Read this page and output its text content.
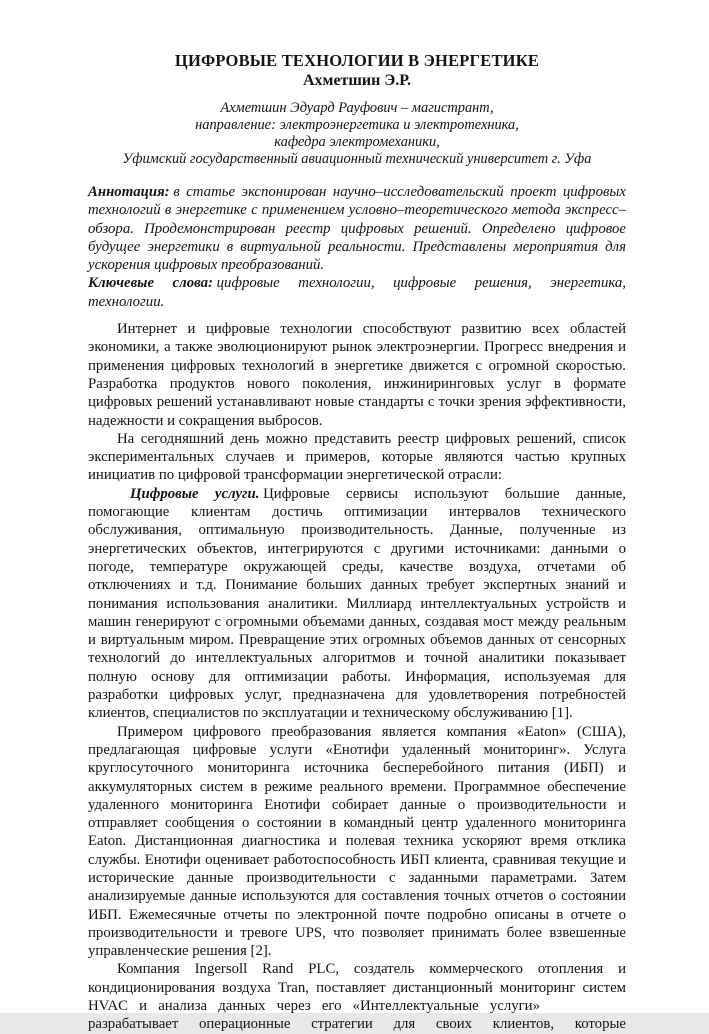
ЦИФРОВЫЕ ТЕХНОЛОГИИ В ЭНЕРГЕТИКЕ
Ахметшин Э.Р.
Ахметшин Эдуард Рауфович – магистрант,
направление: электроэнергетика и электротехника,
кафедра электромеханики,
Уфимский государственный авиационный технический университет г. Уфа

Аннотация: в статье экспонирован научно–исследовательский проект цифровых технологий в энергетике с применением условно–теоретического метода экспресс–обзора. Продемонстрирован реестр цифровых решений. Определено цифровое будущее энергетики в виртуальной реальности. Представлены мероприятия для ускорения цифровых преобразований.

Ключевые слова: цифровые технологии, цифровые решения, энергетика, технологии.

Интернет и цифровые технологии способствуют развитию всех областей экономики, а также эволюционируют рынок электроэнергии. Прогресс внедрения и применения цифровых технологий в энергетике движется с огромной скоростью. Разработка продуктов нового поколения, инжиниринговых услуг в формате цифровых решений устанавливают новые стандарты с точки зрения эффективности, надежности и сокращения выбросов.

На сегодняшний день можно представить реестр цифровых решений, список экспериментальных случаев и примеров, которые являются частью крупных инициатив по цифровой трансформации энергетической отрасли:

Цифровые услуги. Цифровые сервисы используют большие данные, помогающие клиентам достичь оптимизации интервалов технического обслуживания, оптимальную производительность. Данные, полученные из энергетических объектов, интегрируются с другими источниками: данными о погоде, температуре окружающей среды, качестве воздуха, отчетами об отключениях и т.д. Понимание больших данных требует экспертных знаний и понимания использования аналитики. Миллиард интеллектуальных устройств и машин генерируют с огромными объемами данных, создавая мост между реальным и виртуальным миром. Превращение этих огромных объемов данных от сенсорных технологий до интеллектуальных алгоритмов и точной аналитики показывает полную основу для оптимизации работы. Информация, используемая для разработки цифровых услуг, предназначена для удовлетворения потребностей клиентов, специалистов по эксплуатации и техническому обслуживанию [1].

Примером цифрового преобразования является компания «Eaton» (США), предлагающая цифровые услуги «Енотифи удаленный мониторинг». Услуга круглосуточного мониторинга источника бесперебойного питания (ИБП) и аккумуляторных систем в режиме реального времени. Программное обеспечение удаленного мониторинга Енотифи собирает данные о производительности и отправляет сообщения о состоянии в командный центр удаленного мониторинга Eaton. Дистанционная диагностика и полевая техника ускоряют время отклика службы. Енотифи оценивает работоспособность ИБП клиента, сравнивая текущие и исторические данные производительности с заданными параметрами. Затем анализируемые данные используются для составления точных отчетов о состоянии ИБП. Ежемесячные отчеты по электронной почте подробно описаны в отчете о производительности и тревоге UPS, что позволяет принимать более взвешенные управленческие решения [2].

Компания Ingersoll Rand PLC, создатель коммерческого отопления и
кондиционирования воздуха Tran, поставляет дистанционный мониторинг систем
HVAC и анализа данных через его «Интеллектуальные услуги»
разрабатывает операционные стратегии для своих клиентов, которые
